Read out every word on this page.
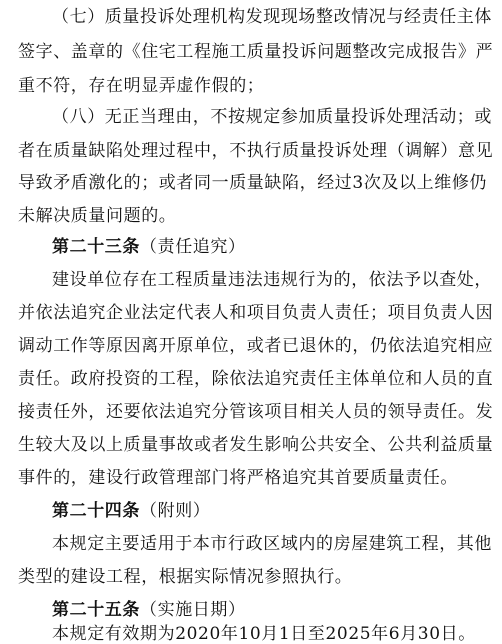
（七）质量投诉处理机构发现现场整改情况与经责任主体
签字、盖章的《住宅工程施工质量投诉问题整改完成报告》严
重不符，存在明显弄虚作假的；
（八）无正当理由，不按规定参加质量投诉处理活动；或
者在质量缺陷处理过程中，不执行质量投诉处理（调解）意见
导致矛盾激化的；或者同一质量缺陷，经过3次及以上维修仍
未解决质量问题的。
第二十三条（责任追究）
建设单位存在工程质量违法违规行为的，依法予以查处，
并依法追究企业法定代表人和项目负责人责任；项目负责人因
调动工作等原因离开原单位，或者已退休的，仍依法追究相应
责任。政府投资的工程，除依法追究责任主体单位和人员的直
接责任外，还要依法追究分管该项目相关人员的领导责任。发
生较大及以上质量事故或者发生影响公共安全、公共利益质量
事件的，建设行政管理部门将严格追究其首要质量责任。
第二十四条（附则）
本规定主要适用于本市行政区域内的房屋建筑工程，其他
类型的建设工程，根据实际情况参照执行。
第二十五条（实施日期）
本规定有效期为2020年10月1日至2025年6月30日。
